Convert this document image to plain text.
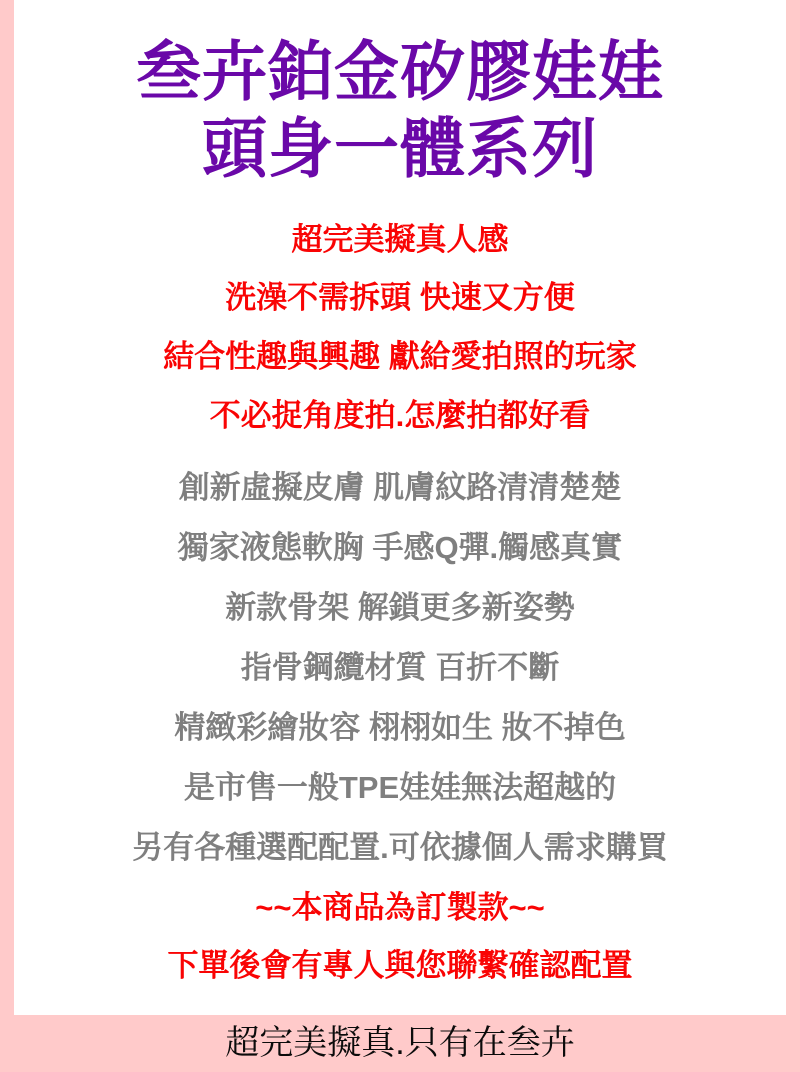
叁卉鉑金矽膠娃娃
頭身一體系列
超完美擬真人感
洗澡不需拆頭 快速又方便
結合性趣與興趣 獻給愛拍照的玩家
不必捉角度拍.怎麼拍都好看
創新虛擬皮膚 肌膚紋路清清楚楚
獨家液態軟胸 手感Q彈.觸感真實
新款骨架 解鎖更多新姿勢
指骨鋼纜材質 百折不斷
精緻彩繪妝容 栩栩如生 妝不掉色
是市售一般TPE娃娃無法超越的
另有各種選配配置.可依據個人需求購買
~~本商品為訂製款~~
下單後會有專人與您聯繫確認配置
超完美擬真.只有在叁卉
